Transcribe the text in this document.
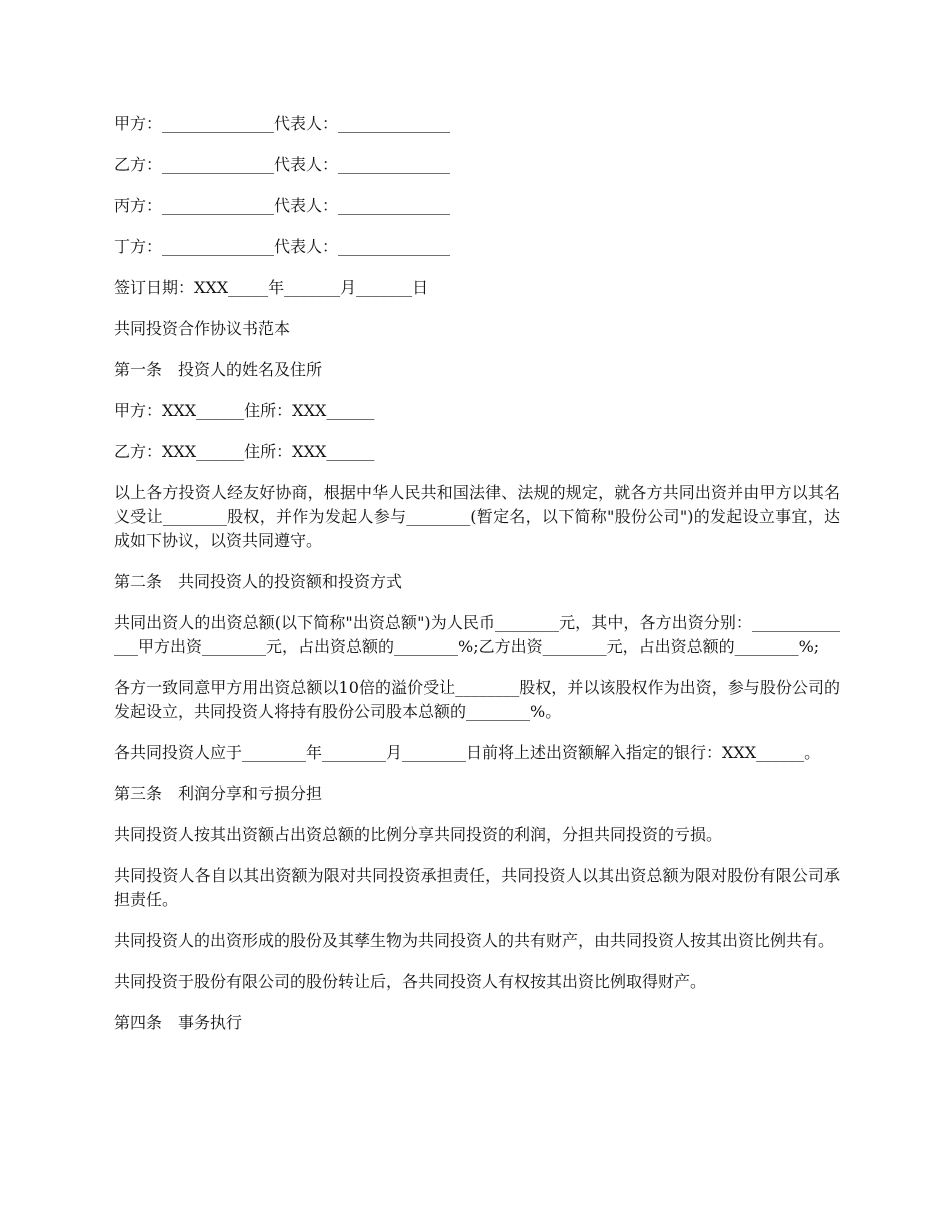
甲方：______________代表人：______________

乙方：______________代表人：______________

丙方：______________代表人：______________

丁方：______________代表人：______________

签订日期：XXX_____年_______月_______日

共同投资合作协议书范本

第一条　投资人的姓名及住所

甲方：XXX______住所：XXX______

乙方：XXX______住所：XXX______

以上各方投资人经友好协商，根据中华人民共和国法律、法规的规定，就各方共同出资并由甲方以其名义受让________股权，并作为发起人参与________(暂定名，以下简称"股份公司")的发起设立事宜，达成如下协议，以资共同遵守。

第二条　共同投资人的投资额和投资方式

共同出资人的出资总额(以下简称"出资总额")为人民币________元，其中，各方出资分别：______________甲方出资________元，占出资总额的________%;乙方出资________元，占出资总额的________%;

各方一致同意甲方用出资总额以10倍的溢价受让________股权，并以该股权作为出资，参与股份公司的发起设立，共同投资人将持有股份公司股本总额的________%。

各共同投资人应于________年________月________日前将上述出资额解入指定的银行：XXX______。

第三条　利润分享和亏损分担

共同投资人按其出资额占出资总额的比例分享共同投资的利润，分担共同投资的亏损。

共同投资人各自以其出资额为限对共同投资承担责任，共同投资人以其出资总额为限对股份有限公司承担责任。

共同投资人的出资形成的股份及其孳生物为共同投资人的共有财产，由共同投资人按其出资比例共有。

共同投资于股份有限公司的股份转让后，各共同投资人有权按其出资比例取得财产。

第四条　事务执行
